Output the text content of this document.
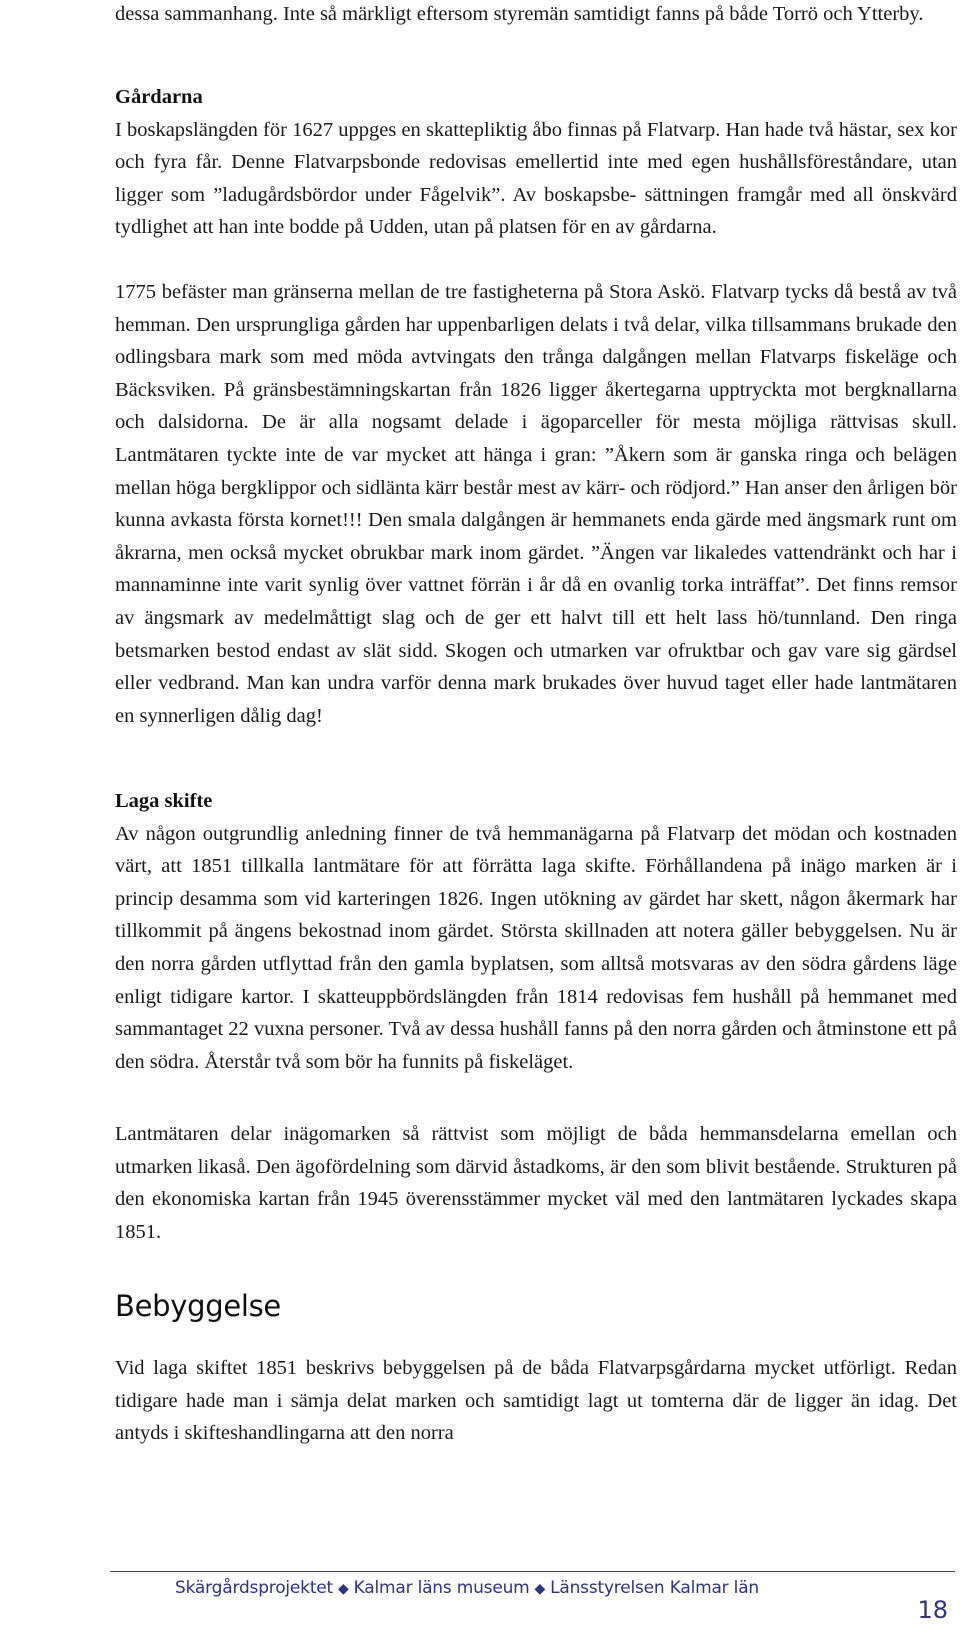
dessa sammanhang. Inte så märkligt eftersom styremän samtidigt fanns på både Torrö och Ytterby.

Gårdarna

I boskapslängden för 1627 uppges en skattepliktig åbo finnas på Flatvarp. Han hade två hästar, sex kor och fyra får. Denne Flatvarpsbonde redovisas emellertid inte med egen hushållsföreståndare, utan ligger som ”ladugårdsbördor under Fågelvik”. Av boskapsbe- sättningen framgår med all önskvärd tydlighet att han inte bodde på Udden, utan på platsen för en av gårdarna.

1775 befäster man gränserna mellan de tre fastigheterna på Stora Askö. Flatvarp tycks då bestå av två hemman. Den ursprungliga gården har uppenbarligen delats i två delar, vilka tillsammans brukade den odlingsbara mark som med möda avtvingats den trånga dalgången mellan Flatvarps fiskeläge och Bäcksviken. På gränsbestämningskartan från 1826 ligger åkertegarna upptryckta mot bergknallarna och dalsidorna. De är alla nogsamt delade i ägoparceller för mesta möjliga rättvisas skull. Lantmätaren tyckte inte de var mycket att hänga i gran: ”Åkern som är ganska ringa och belägen mellan höga bergklippor och sidlänta kärr består mest av kärr- och rödjord.” Han anser den årligen bör kunna avkasta första kornet!!! Den smala dalgången är hemmanets enda gärde med ängsmark runt om åkrarna, men också mycket obrukbar mark inom gärdet. ”Ängen var likaledes vattendränkt och har i mannaminne inte varit synlig över vattnet förrän i år då en ovanlig torka inträffat”. Det finns remsor av ängsmark av medelmåttigt slag och de ger ett halvt till ett helt lass hö/tunnland. Den ringa betsmarken bestod endast av slät sidd. Skogen och utmarken var ofruktbar och gav vare sig gärdsel eller vedbrand. Man kan undra varför denna mark brukades över huvud taget eller hade lantmätaren en synnerligen dålig dag!

Laga skifte

Av någon outgrundlig anledning finner de två hemmanägarna på Flatvarp det mödan och kostnaden värt, att 1851 tillkalla lantmätare för att förrätta laga skifte. Förhållandena på inägo marken är i princip desamma som vid karteringen 1826. Ingen utökning av gärdet har skett, någon åkermark har tillkommit på ängens bekostnad inom gärdet. Största skillnaden att notera gäller bebyggelsen. Nu är den norra gården utflyttad från den gamla byplatsen, som alltså motsvaras av den södra gårdens läge enligt tidigare kartor. I skatteuppbördslängden från 1814 redovisas fem hushåll på hemmanet med sammantaget 22 vuxna personer. Två av dessa hushåll fanns på den norra gården och åtminstone ett på den södra. Återstår två som bör ha funnits på fiskeläget.

Lantmätaren delar inägomarken så rättvist som möjligt de båda hemmansdelarna emellan och utmarken likaså. Den ägofördelning som därvid åstadkoms, är den som blivit bestående. Strukturen på den ekonomiska kartan från 1945 överensstämmer mycket väl med den lantmätaren lyckades skapa 1851.

Bebyggelse

Vid laga skiftet 1851 beskrivs bebyggelsen på de båda Flatvarpsgårdarna mycket utförligt. Redan tidigare hade man i sämja delat marken och samtidigt lagt ut tomterna där de ligger än idag. Det antyds i skifteshandlingarna att den norra

Skärgårdsprojektet ◆ Kalmar läns museum ◆ Länsstyrelsen Kalmar län
18
